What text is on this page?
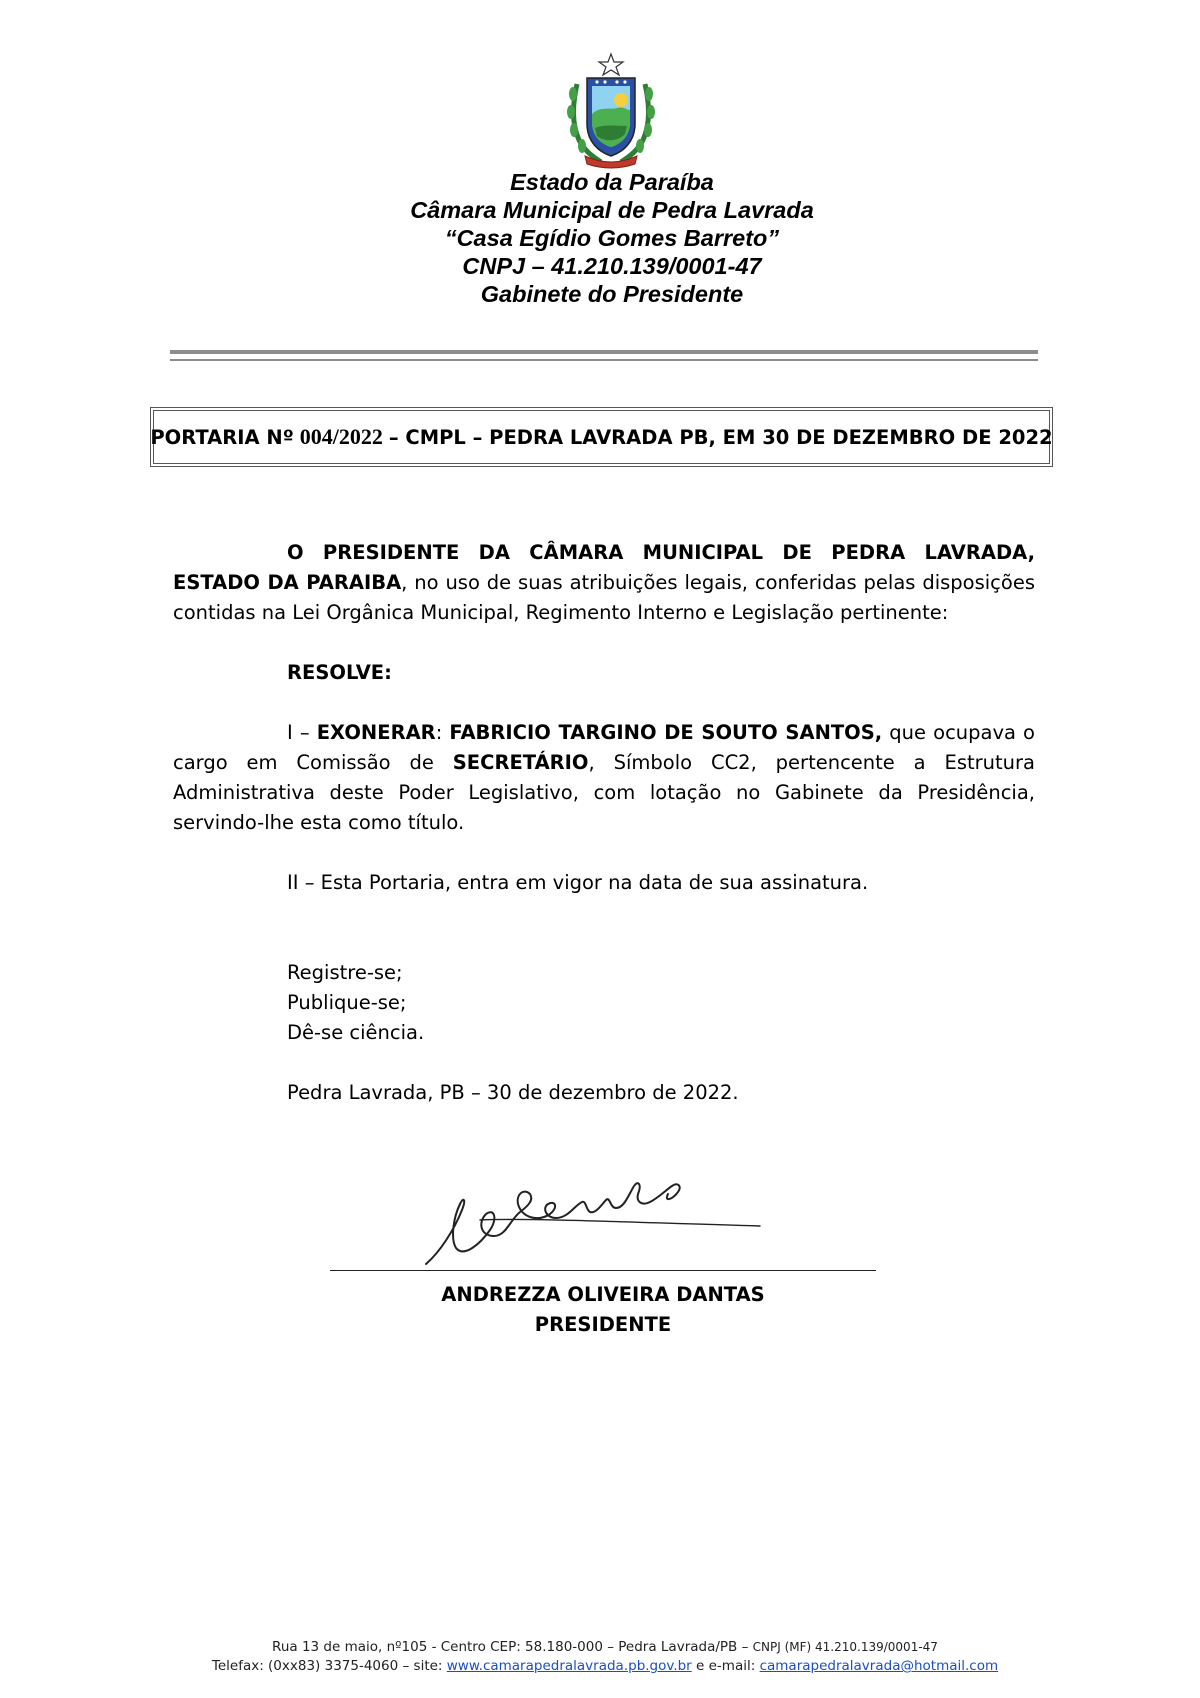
Estado da Paraíba
Câmara Municipal de Pedra Lavrada
“Casa Egídio Gomes Barreto”
CNPJ – 41.210.139/0001-47
Gabinete do Presidente
PORTARIA Nº 004/2022 – CMPL – PEDRA LAVRADA PB, EM 30 DE DEZEMBRO DE 2022

O PRESIDENTE DA CÂMARA MUNICIPAL DE PEDRA LAVRADA, ESTADO DA PARAIBA, no uso de suas atribuições legais, conferidas pelas disposições contidas na Lei Orgânica Municipal, Regimento Interno e Legislação pertinente:

RESOLVE:

I – EXONERAR: FABRICIO TARGINO DE SOUTO SANTOS, que ocupava o cargo em Comissão de SECRETÁRIO, Símbolo CC2, pertencente a Estrutura Administrativa deste Poder Legislativo, com lotação no Gabinete da Presidência, servindo-lhe esta como título.

II – Esta Portaria, entra em vigor na data de sua assinatura.

Registre-se;
Publique-se;
Dê-se ciência.

Pedra Lavrada, PB – 30 de dezembro de 2022.

ANDREZZA OLIVEIRA DANTAS
PRESIDENTE
Rua 13 de maio, nº105 - Centro CEP: 58.180-000 – Pedra Lavrada/PB – CNPJ (MF) 41.210.139/0001-47
Telefax: (0xx83) 3375-4060 – site: www.camarapedralavrada.pb.gov.br e e-mail: camarapedralavrada@hotmail.com
